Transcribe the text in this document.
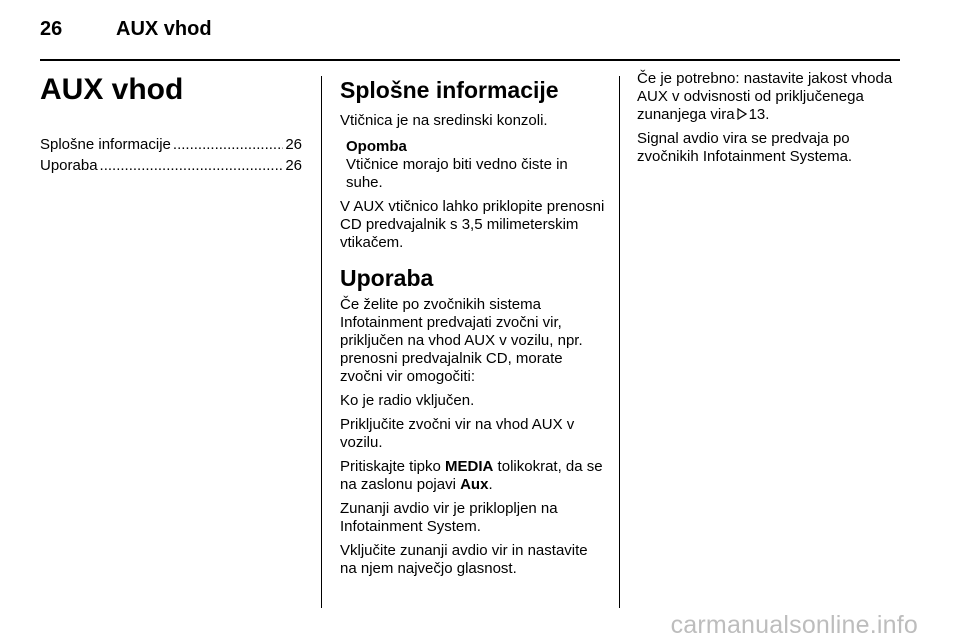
26	AUX vhod
AUX vhod
Splošne informacije .....	26
Uporaba .....	26
Splošne informacije

Vtičnica je na sredinski konzoli.

Opomba

Vtičnice morajo biti vedno čiste in suhe.

V AUX vtičnico lahko priklopite prenosni CD predvajalnik s 3,5 milimeterskim vtikačem.

Uporaba

Če želite po zvočnikih sistema Infotainment predvajati zvočni vir, priključen na vhod AUX v vozilu, npr. prenosni predvajalnik CD, morate zvočni vir omogočiti:

Ko je radio vključen.

Priključite zvočni vir na vhod AUX v vozilu.

Pritiskajte tipko MEDIA tolikokrat, da se na zaslonu pojavi Aux.

Zunanji avdio vir je priklopljen na Infotainment System.

Vključite zunanji avdio vir in nastavite na njem največjo glasnost.

Če je potrebno: nastavite jakost vhoda AUX v odvisnosti od priključenega zunanjega vira 13.

Signal avdio vira se predvaja po zvočnikih Infotainment Systema.

carmanualsonline.info
